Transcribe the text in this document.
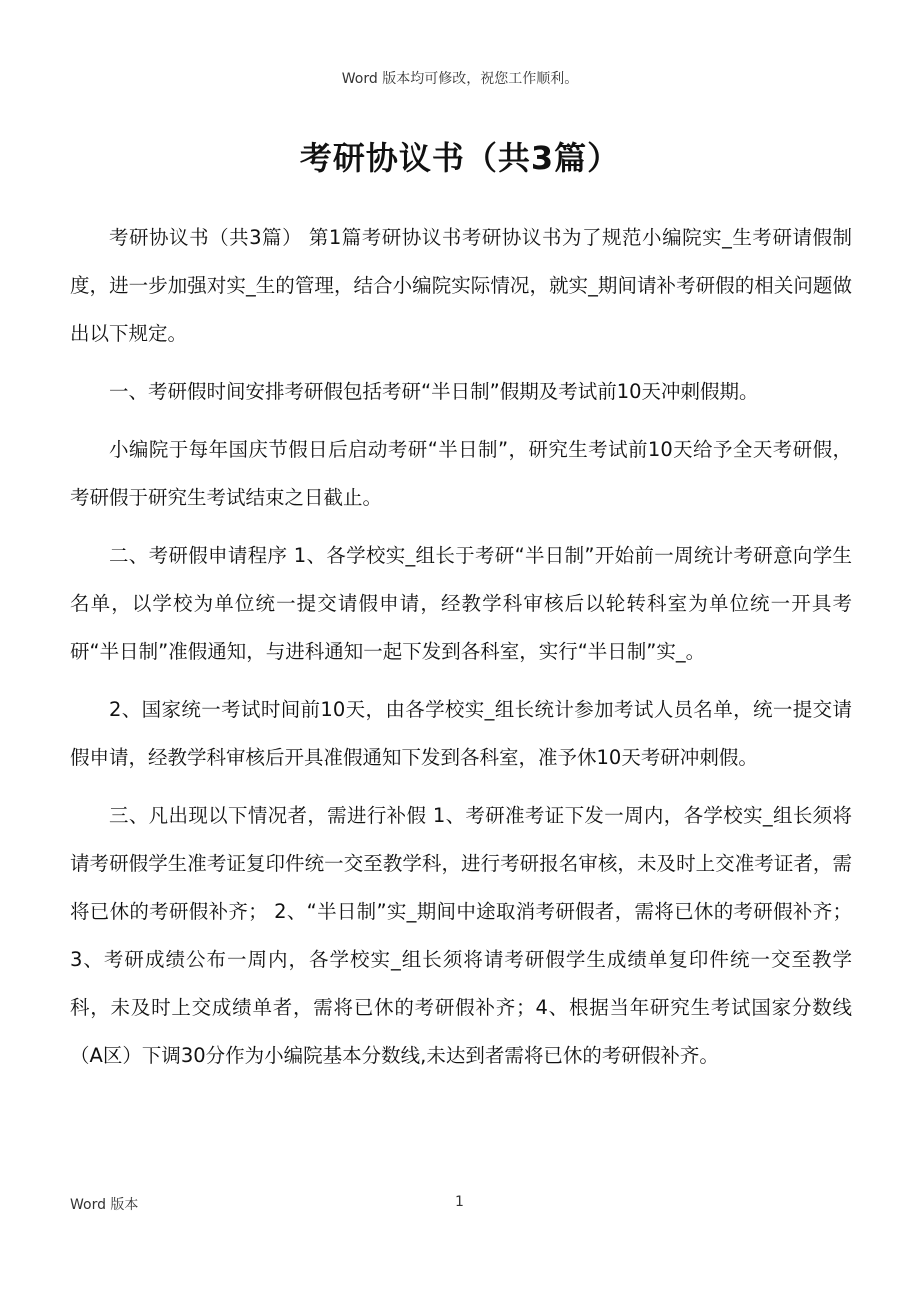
Word 版本均可修改，祝您工作顺利。
考研协议书（共3篇）

考研协议书（共3篇） 第1篇考研协议书考研协议书为了规范小编院实_生考研请假制度，进一步加强对实_生的管理，结合小编院实际情况，就实_期间请补考研假的相关问题做出以下规定。

一、考研假时间安排考研假包括考研“半日制”假期及考试前10天冲刺假期。

小编院于每年国庆节假日后启动考研“半日制”，研究生考试前10天给予全天考研假，考研假于研究生考试结束之日截止。

二、考研假申请程序 1、各学校实_组长于考研“半日制”开始前一周统计考研意向学生名单，以学校为单位统一提交请假申请，经教学科审核后以轮转科室为单位统一开具考研“半日制”准假通知，与进科通知一起下发到各科室，实行“半日制”实_。

2、国家统一考试时间前10天，由各学校实_组长统计参加考试人员名单，统一提交请假申请，经教学科审核后开具准假通知下发到各科室，准予休10天考研冲刺假。

三、凡出现以下情况者，需进行补假 1、考研准考证下发一周内，各学校实_组长须将请考研假学生准考证复印件统一交至教学科，进行考研报名审核，未及时上交准考证者，需将已休的考研假补齐； 2、“半日制”实_期间中途取消考研假者，需将已休的考研假补齐；3、考研成绩公布一周内，各学校实_组长须将请考研假学生成绩单复印件统一交至教学科，未及时上交成绩单者，需将已休的考研假补齐；4、根据当年研究生考试国家分数线（A区）下调30分作为小编院基本分数线,未达到者需将已休的考研假补齐。

Word 版本	1
